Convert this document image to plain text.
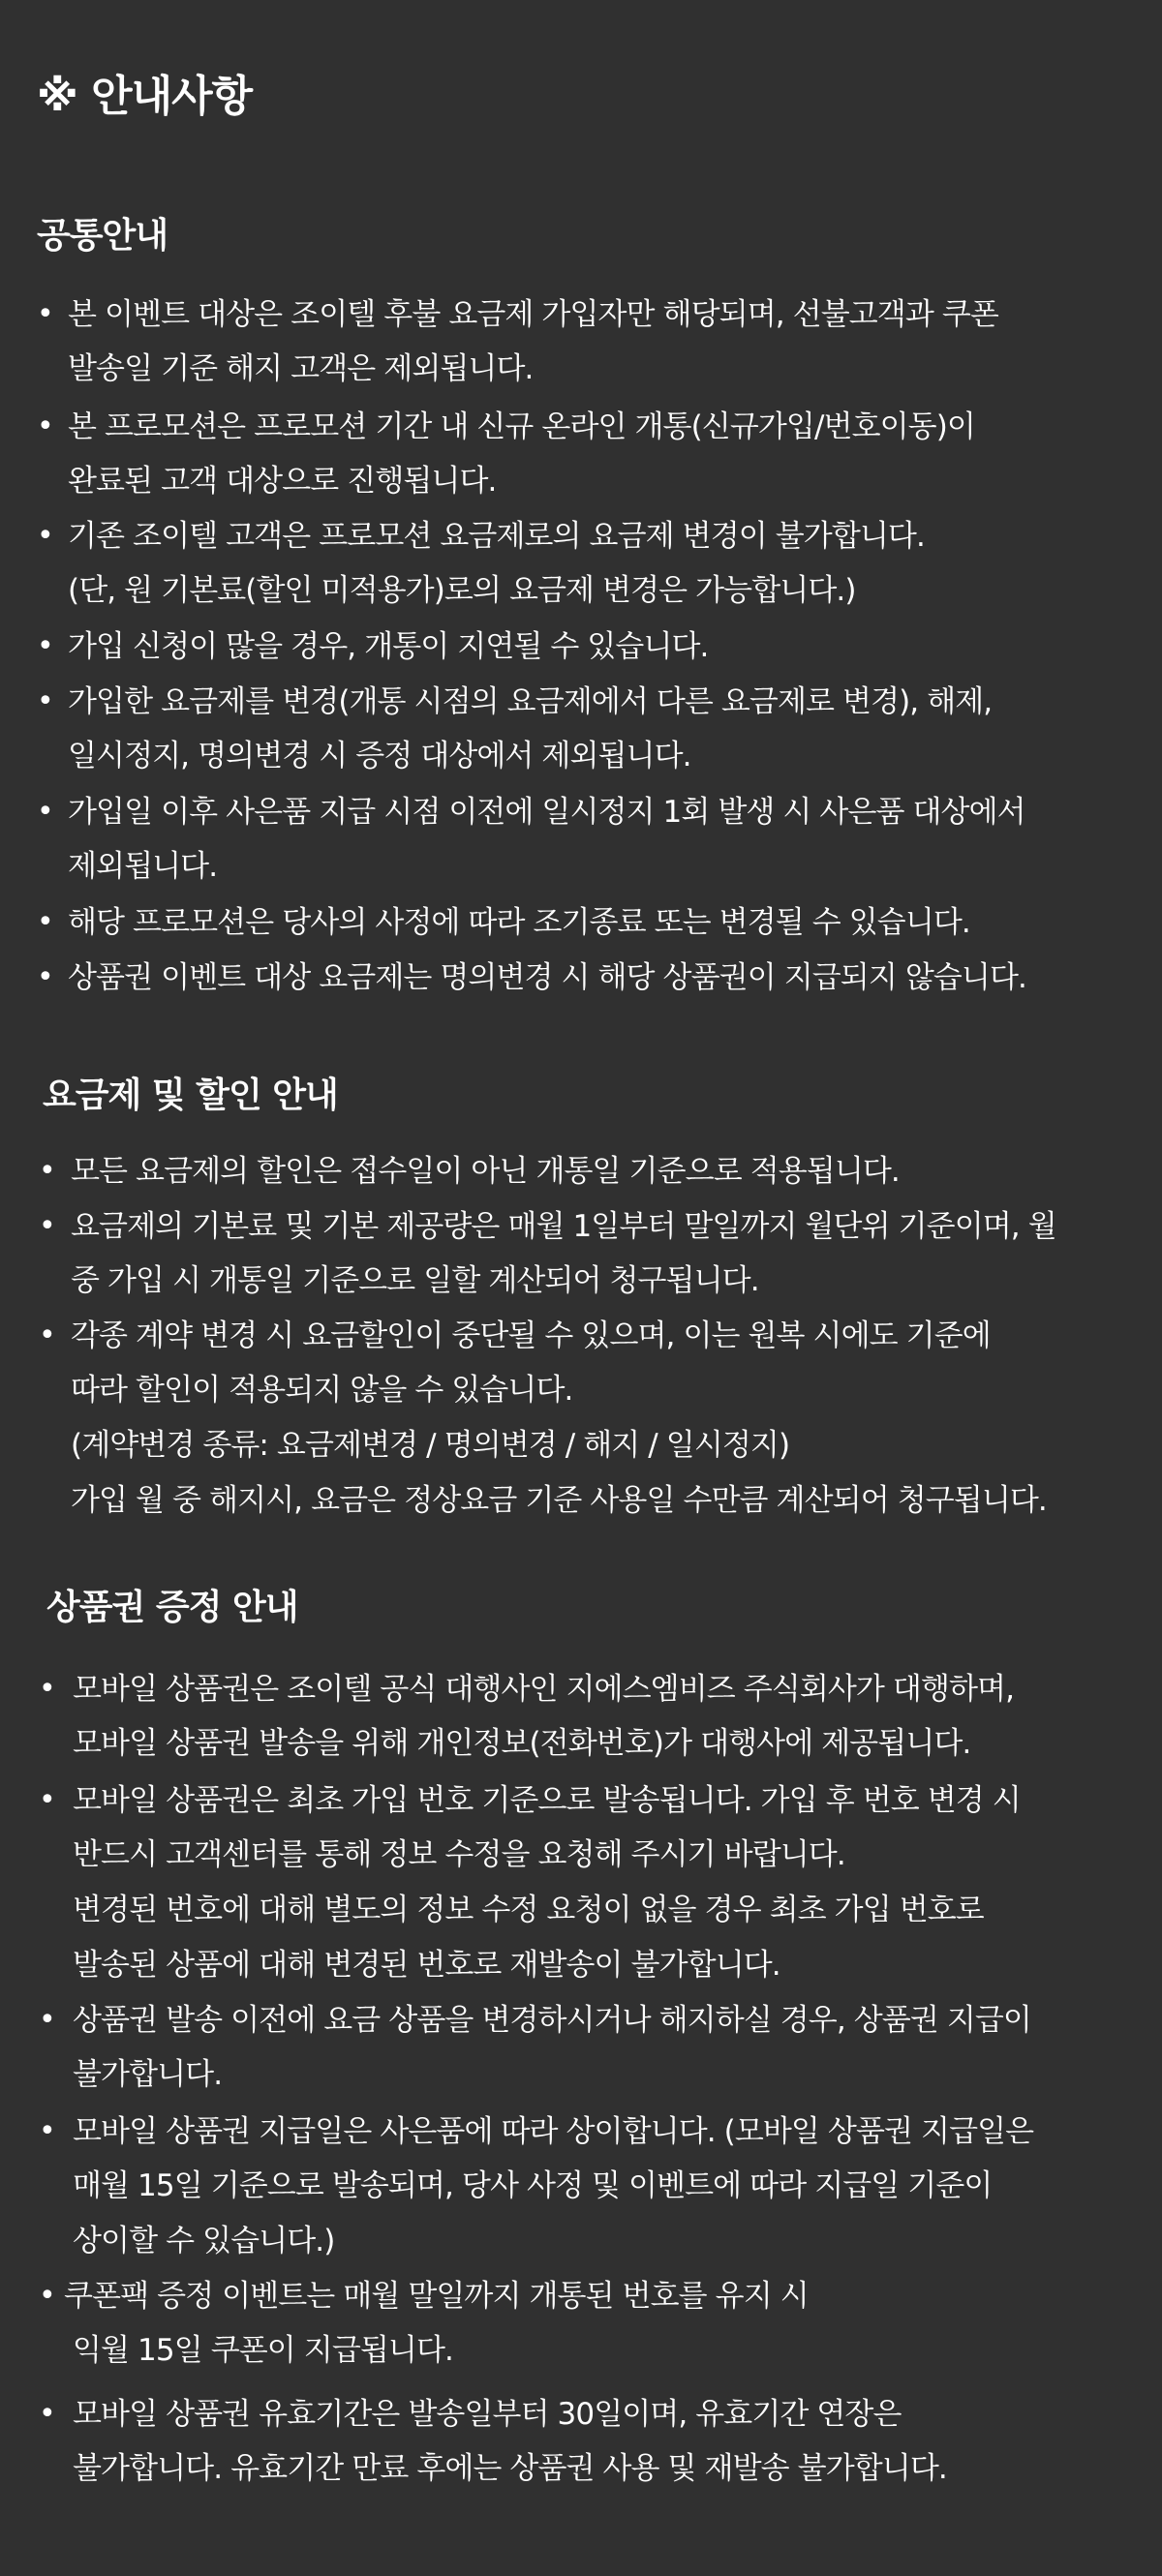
※ 안내사항
공통안내
• 본 이벤트 대상은 조이텔 후불 요금제 가입자만 해당되며, 선불고객과 쿠폰
발송일 기준 해지 고객은 제외됩니다.
• 본 프로모션은 프로모션 기간 내 신규 온라인 개통(신규가입/번호이동)이
완료된 고객 대상으로 진행됩니다.
• 기존 조이텔 고객은 프로모션 요금제로의 요금제 변경이 불가합니다.
(단, 원 기본료(할인 미적용가)로의 요금제 변경은 가능합니다.)
• 가입 신청이 많을 경우, 개통이 지연될 수 있습니다.
• 가입한 요금제를 변경(개통 시점의 요금제에서 다른 요금제로 변경), 해제,
일시정지, 명의변경 시 증정 대상에서 제외됩니다.
• 가입일 이후 사은품 지급 시점 이전에 일시정지 1회 발생 시 사은품 대상에서
제외됩니다.
• 해당 프로모션은 당사의 사정에 따라 조기종료 또는 변경될 수 있습니다.
• 상품권 이벤트 대상 요금제는 명의변경 시 해당 상품권이 지급되지 않습니다.
요금제 및 할인 안내
• 모든 요금제의 할인은 접수일이 아닌 개통일 기준으로 적용됩니다.
• 요금제의 기본료 및 기본 제공량은 매월 1일부터 말일까지 월단위 기준이며, 월
중 가입 시 개통일 기준으로 일할 계산되어 청구됩니다.
• 각종 계약 변경 시 요금할인이 중단될 수 있으며, 이는 원복 시에도 기준에
따라 할인이 적용되지 않을 수 있습니다.
(계약변경 종류: 요금제변경 / 명의변경 / 해지 / 일시정지)
가입 월 중 해지시, 요금은 정상요금 기준 사용일 수만큼 계산되어 청구됩니다.
상품권 증정 안내
• 모바일 상품권은 조이텔 공식 대행사인 지에스엠비즈 주식회사가 대행하며,
모바일 상품권 발송을 위해 개인정보(전화번호)가 대행사에 제공됩니다.
• 모바일 상품권은 최초 가입 번호 기준으로 발송됩니다. 가입 후 번호 변경 시
반드시 고객센터를 통해 정보 수정을 요청해 주시기 바랍니다.
변경된 번호에 대해 별도의 정보 수정 요청이 없을 경우 최초 가입 번호로
발송된 상품에 대해 변경된 번호로 재발송이 불가합니다.
• 상품권 발송 이전에 요금 상품을 변경하시거나 해지하실 경우, 상품권 지급이
불가합니다.
• 모바일 상품권 지급일은 사은품에 따라 상이합니다. (모바일 상품권 지급일은
매월 15일 기준으로 발송되며, 당사 사정 및 이벤트에 따라 지급일 기준이
상이할 수 있습니다.)
• 쿠폰팩 증정 이벤트는 매월 말일까지 개통된 번호를 유지 시
익월 15일 쿠폰이 지급됩니다.
• 모바일 상품권 유효기간은 발송일부터 30일이며, 유효기간 연장은
불가합니다. 유효기간 만료 후에는 상품권 사용 및 재발송 불가합니다.
